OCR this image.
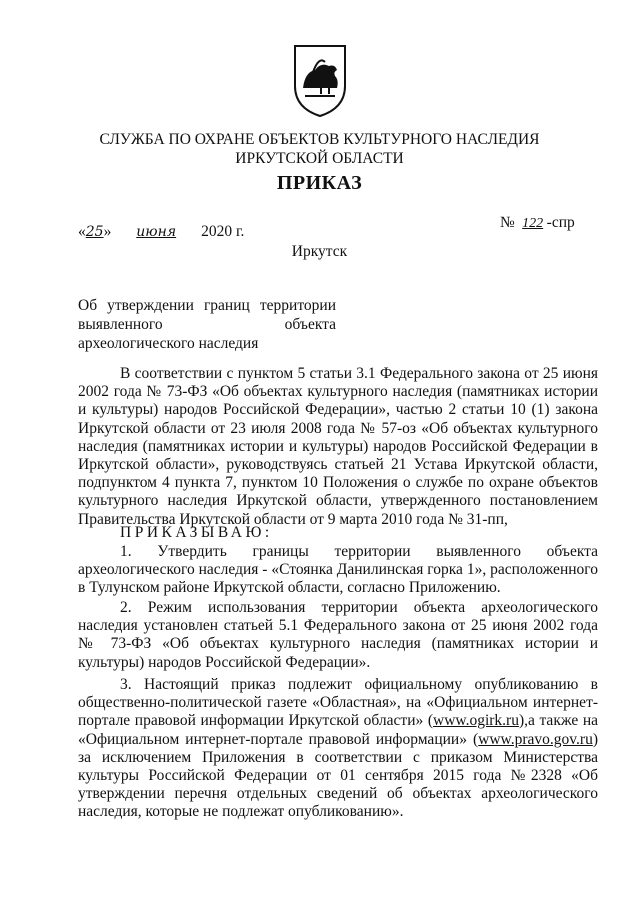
СЛУЖБА ПО ОХРАНЕ ОБЪЕКТОВ КУЛЬТУРНОГО НАСЛЕДИЯ
ИРКУТСКОЙ ОБЛАСТИ
ПРИКАЗ
«25» июня 2020 г.
№ 122 -спр
Иркутск
Об утверждении границ территории выявленного объекта археологического наследия
В соответствии с пунктом 5 статьи 3.1 Федерального закона от 25 июня 2002 года № 73-ФЗ «Об объектах культурного наследия (памятниках истории и культуры) народов Российской Федерации», частью 2 статьи 10 (1) закона Иркутской области от 23 июля 2008 года № 57-оз «Об объектах культурного наследия (памятниках истории и культуры) народов Российской Федерации в Иркутской области», руководствуясь статьей 21 Устава Иркутской области, подпунктом 4 пункта 7, пунктом 10 Положения о службе по охране объектов культурного наследия Иркутской области, утвержденного постановлением Правительства Иркутской области от 9 марта 2010 года № 31-пп,
ПРИКАЗЫВАЮ:
1. Утвердить границы территории выявленного объекта археологического наследия - «Стоянка Данилинская горка 1», расположенного в Тулунском районе Иркутской области, согласно Приложению.
2. Режим использования территории объекта археологического наследия установлен статьей 5.1 Федерального закона от 25 июня 2002 года № 73-ФЗ «Об объектах культурного наследия (памятниках истории и культуры) народов Российской Федерации».
3. Настоящий приказ подлежит официальному опубликованию в общественно-политической газете «Областная», на «Официальном интернет-портале правовой информации Иркутской области» (www.ogirk.ru),а также на «Официальном интернет-портале правовой информации» (www.pravo.gov.ru) за исключением Приложения в соответствии с приказом Министерства культуры Российской Федерации от 01 сентября 2015 года №2328 «Об утверждении перечня отдельных сведений об объектах археологического наследия, которые не подлежат опубликованию».
